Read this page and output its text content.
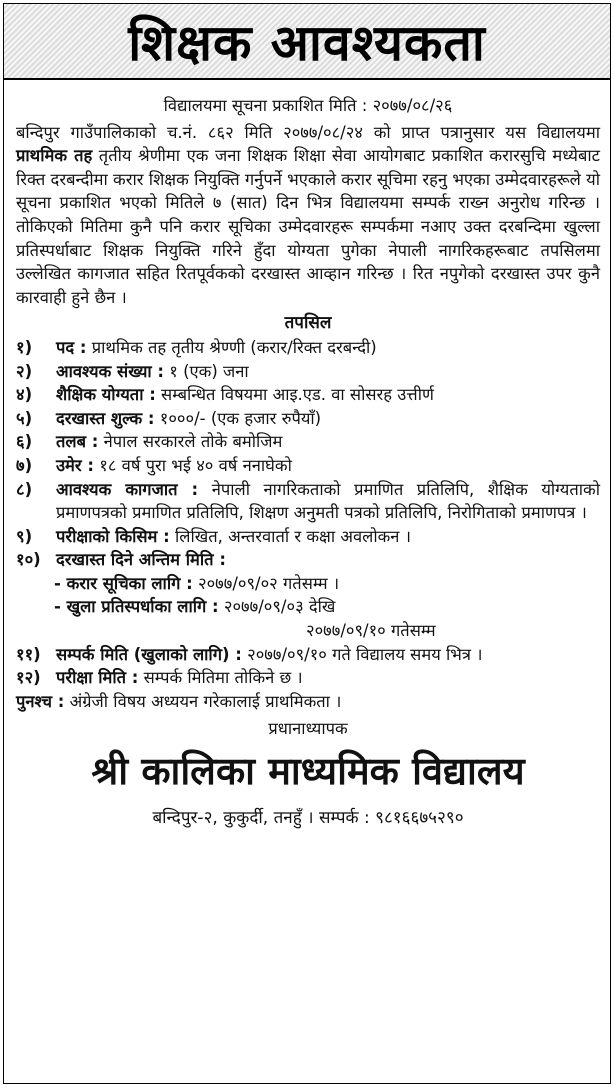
शिक्षक आवश्यकता

विद्यालयमा सूचना प्रकाशित मिति : २०७७/०८/२६

बन्दिपुर गाउँपालिकाको च.नं. ८६२ मिति २०७७/०८/२४ को प्राप्त पत्रानुसार यस विद्यालयमा प्राथमिक तह तृतीय श्रेणीमा एक जना शिक्षक शिक्षा सेवा आयोगबाट प्रकाशित करारसुचि मध्येबाट रिक्त दरबन्दीमा करार शिक्षक नियुक्ति गर्नुपर्ने भएकाले करार सूचिमा रहनु भएका उम्मेदवारहरूले यो सूचना प्रकाशित भएको मितिले ७ (सात) दिन भित्र विद्यालयमा सम्पर्क राख्न अनुरोध गरिन्छ । तोकिएको मितिमा कुनै पनि करार सूचिका उम्मेदवारहरू सम्पर्कमा नआए उक्त दरबन्दिमा खुल्ला प्रतिस्पर्धाबाट शिक्षक नियुक्ति गरिने हुँदा योग्यता पुगेका नेपाली नागरिकहरूबाट तपसिलमा उल्लेखित कागजात सहित रितपूर्वकको दरखास्त आव्हान गरिन्छ । रित नपुगेको दरखास्त उपर कुनै कारवाही हुने छैन ।

तपसिल

१)	पद : प्राथमिक तह तृतीय श्रेण्णी (करार/रिक्त दरबन्दी)
२)	आवश्यक संख्या : १ (एक) जना
४)	शैक्षिक योग्यता : सम्बन्धित विषयमा आइ.एड. वा सोसरह उत्तीर्ण
५)	दरखास्त शुल्क : १०००/- (एक हजार रुपैयाँ)
६)	तलब : नेपाल सरकारले तोके बमोजिम
७)	उमेर : १८ वर्ष पुरा भई ४० वर्ष ननाघेको
८)	आवश्यक कागजात : नेपाली नागरिकताको प्रमाणित प्रतिलिपि, शैक्षिक योग्यताको प्रमाणपत्रको प्रमाणित प्रतिलिपि, शिक्षण अनुमती पत्रको प्रतिलिपि, निरोगिताको प्रमाणपत्र ।
९)	परीक्षाको किसिम : लिखित, अन्तरवार्ता र कक्षा अवलोकन ।
१०) दरखास्त दिने अन्तिम मिति :
- करार सूचिका लागि : २०७७/०९/०२ गतेसम्म ।
- खुला प्रतिस्पर्धाका लागि : २०७७/०९/०३ देखि
२०७७/०९/१० गतेसम्म
११) सम्पर्क मिति (खुलाको लागि) : २०७७/०९/१० गते विद्यालय समय भित्र ।
१२) परीक्षा मिति : सम्पर्क मितिमा तोकिने छ ।
पुनश्च : अंग्रेजी विषय अध्ययन गरेकालाई प्राथमिकता ।

प्रधानाध्यापक

श्री कालिका माध्यमिक विद्यालय

बन्दिपुर-२, कुकुर्दी, तनहुँ । सम्पर्क : ९८१६६७५२९०
